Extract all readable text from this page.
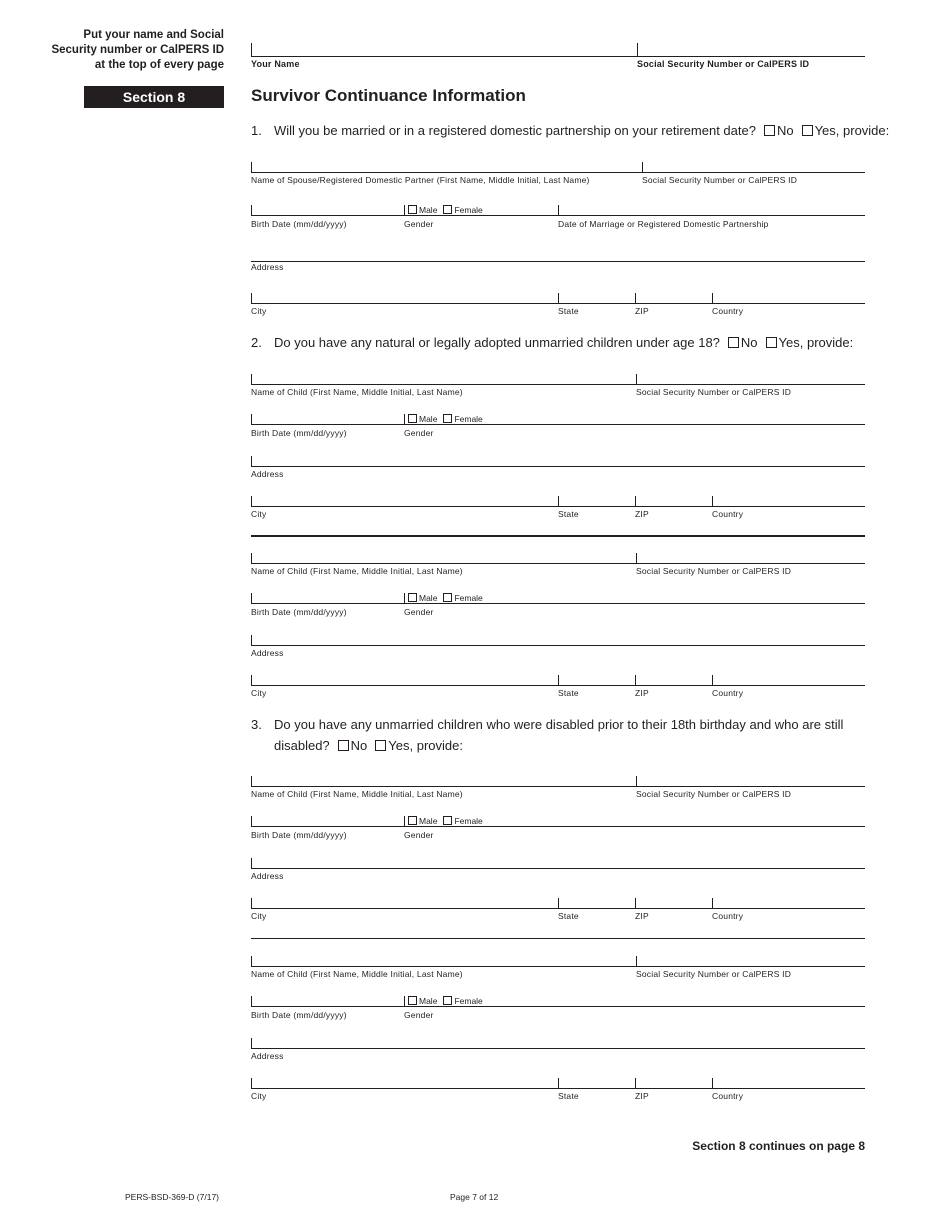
Put your name and Social
Security number or CalPERS ID
at the top of every page	Your Name	Social Security Number or CalPERS ID
Section 8	Survivor Continuance Information
1. Will you be married or in a registered domestic partnership on your retirement date? No Yes, provide:
Name of Spouse/Registered Domestic Partner (First Name, Middle Initial, Last Name)	Social Security Number or CalPERS ID
Male Female
Birth Date (mm/dd/yyyy)	Gender	Date of Marriage or Registered Domestic Partnership
Address
City	State	ZIP	Country
2. Do you have any natural or legally adopted unmarried children under age 18? No Yes, provide:
Name of Child (First Name, Middle Initial, Last Name)	Social Security Number or CalPERS ID
Male Female
Birth Date (mm/dd/yyyy)	Gender
Address
City	State	ZIP	Country
Name of Child (First Name, Middle Initial, Last Name)	Social Security Number or CalPERS ID
Male Female
Birth Date (mm/dd/yyyy)	Gender
Address
City	State	ZIP	Country
Name of Child (First Name, Middle Initial, Last Name)	Social Security Number or CalPERS ID
Male Female
Birth Date (mm/dd/yyyy)	Gender
Address
City	State	ZIP	Country
Name of Child (First Name, Middle Initial, Last Name)	Social Security Number or CalPERS ID
Male Female
Birth Date (mm/dd/yyyy)	Gender
Address
City	State	ZIP	Country
3. Do you have any unmarried children who were disabled prior to their 18th birthday and who are still
disabled? No Yes, provide:
Section 8 continues on page 8
PERS-BSD-369-D (7/17)	Page 7 of 12
